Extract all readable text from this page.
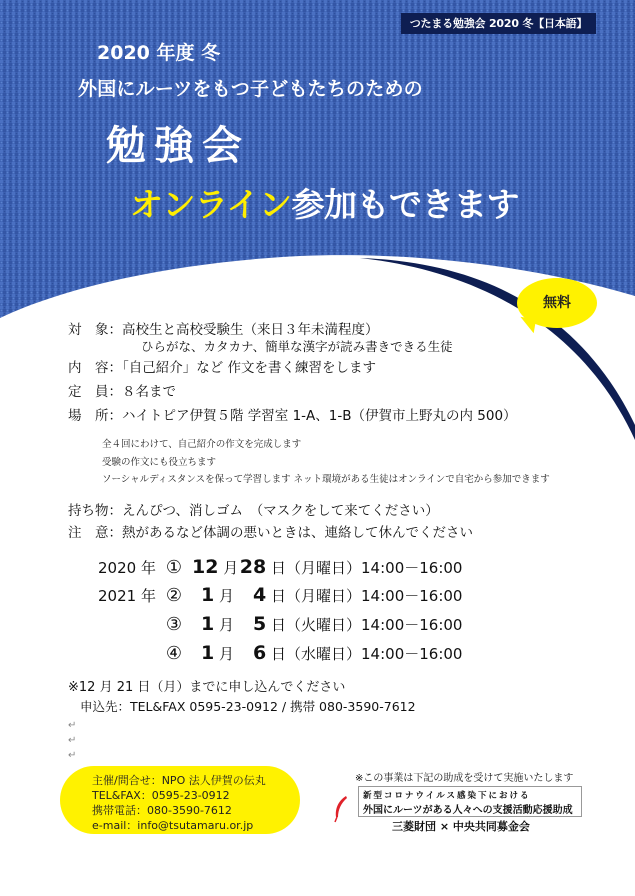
つたまる勉強会 2020 冬【日本語】
2020 年度 冬
外国にルーツをもつ子どもたちのための
勉強会
オンライン参加もできます
無料
対　象：高校生と高校受験生（来日３年未満程度）
ひらがな、カタカナ、簡単な漢字が読み書きできる生徒
内　容：「自己紹介」など 作文を書く練習をします
定　員：８名まで
場　所：ハイトピア伊賀５階 学習室 1-A、1-B（伊賀市上野丸の内 500）
全４回にわけて、自己紹介の作文を完成します
受験の作文にも役立ちます
ソーシャルディスタンスを保って学習します ネット環境がある生徒はオンラインで自宅から参加できます
持ち物：えんぴつ、消しゴム　（マスクをして来てください）
注　意：熱があるなど体調の悪いときは、連絡して休んでください
2020 年 ① 12 月28 日（月曜日）14:00－16:00
2021 年 ② 1 月 4 日（月曜日）14:00－16:00
③ 1 月 5 日（火曜日）14:00－16:00
④ 1 月 6 日（水曜日）14:00－16:00
※12 月 21 日（月）までに申し込んでください
申込先：TEL&FAX 0595-23-0912 / 携帯 080-3590-7612
↵
↵
↵
主催/問合せ：NPO 法人伊賀の伝丸
TEL&FAX：0595-23-0912
携帯電話：080-3590-7612
e-mail：info@tsutamaru.or.jp
※この事業は下記の助成を受けて実施いたします
新型コロナウイルス感染下における
外国にルーツがある人々への支援活動応援助成
三菱財団 × 中央共同募金会
